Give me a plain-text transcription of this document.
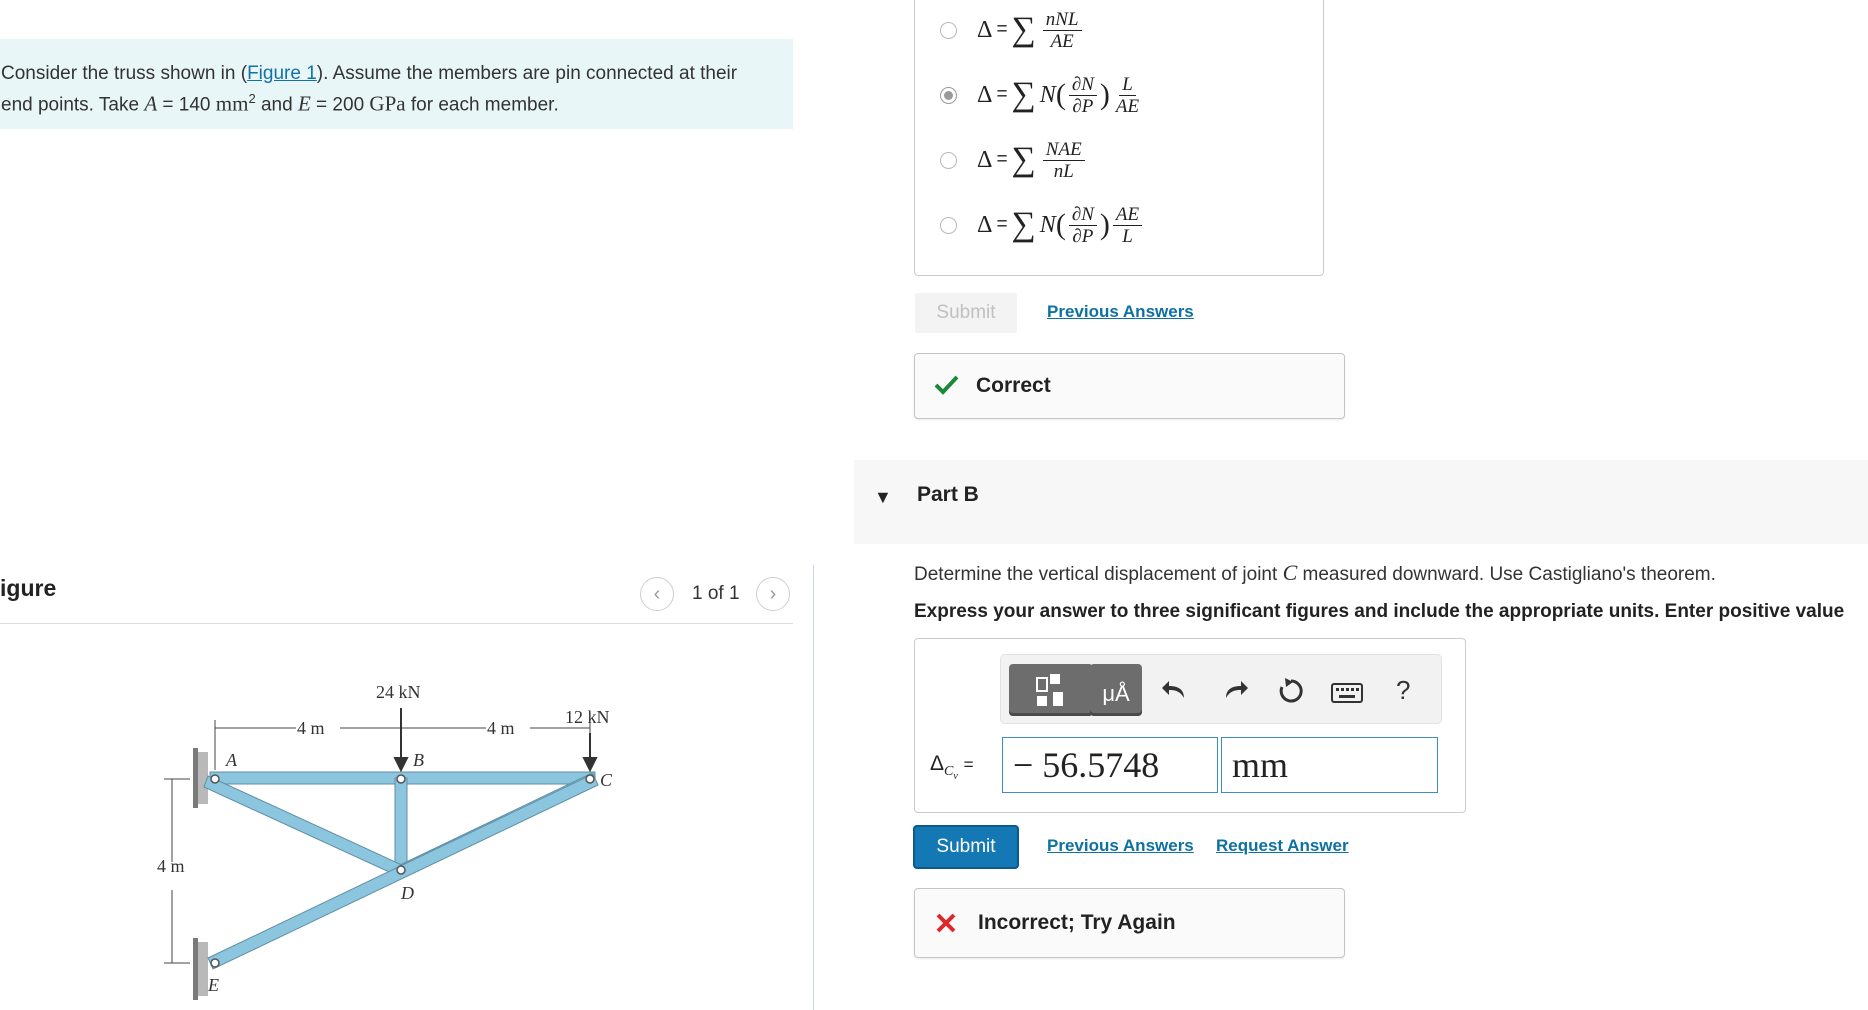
Consider the truss shown in (Figure 1). Assume the members are pin connected at their
end points. Take A = 140 $mm^2$ and E = 200 GPa for each member.
igure	‹	1 of 1	›
24 kN
12 kN
4 m	4 m
4 m
A	B
C
D
E
Δ = ∑ $\frac{\text{nNL}}{AE}$
Δ = ∑ N ( $\frac{\partial N}{\partial P}$ ) $\frac{L}{AE}$
Δ = ∑ $\frac{\text{NAE}}{nL}$
Δ = ∑ N ( $\frac{\partial N}{\partial P}$ ) $\frac{AE}{L}$
Submit	Previous Answers
Correct
▼ Part B
Determine the vertical displacement of joint C measured downward. Use Castigliano's theorem.
Express your answer to three significant figures and include the appropriate units. Enter positive value
μÅ	?
$\Delta_{C_v}$ =	− 56.5748	mm
Submit	Previous Answers Request Answer
Incorrect; Try Again
